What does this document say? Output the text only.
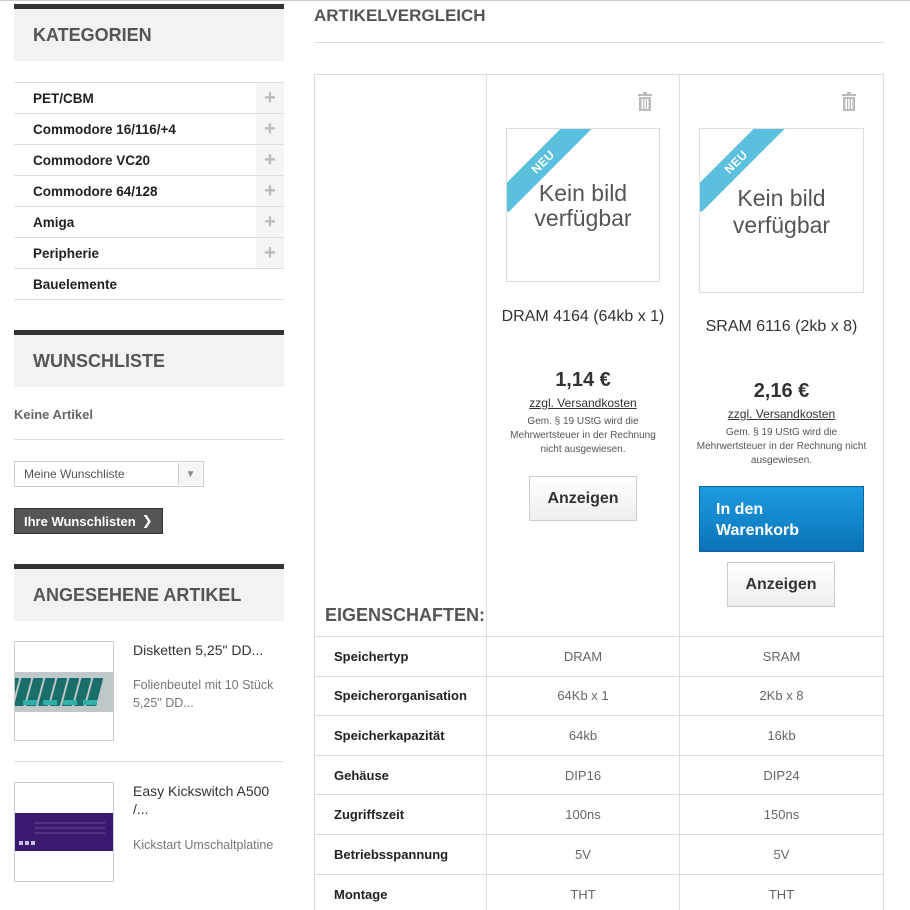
KATEGORIEN
PET/CBM	+
Commodore 16/116/+4	+
Commodore VC20	+
Commodore 64/128	+
Amiga	+
Peripherie	+
Bauelemente
WUNSCHLISTE
Keine Artikel
Meine Wunschliste	▼
Ihre Wunschlisten ❯
ANGESEHENE ARTIKEL
Disketten 5,25" DD...
Folienbeutel mit 10 Stück 5,25" DD...
Easy Kickswitch A500 /...
Kickstart Umschaltplatine
ARTIKELVERGLEICH
EIGENSCHAFTEN:
NEU
Kein bild
verfügbar
DRAM 4164 (64kb x 1)
1,14 €
zzgl. Versandkosten
Gem. § 19 UStG wird die Mehrwertsteuer in der Rechnung nicht ausgewiesen.
Anzeigen
NEU
Kein bild
verfügbar
SRAM 6116 (2kb x 8)
2,16 €
zzgl. Versandkosten
Gem. § 19 UStG wird die Mehrwertsteuer in der Rechnung nicht ausgewiesen.
In den Warenkorb
Anzeigen
Speichertyp	DRAM	SRAM
Speicherorganisation	64Kb x 1	2Kb x 8
Speicherkapazität	64kb	16kb
Gehäuse	DIP16	DIP24
Zugriffszeit	100ns	150ns
Betriebsspannung	5V	5V
Montage	THT	THT
